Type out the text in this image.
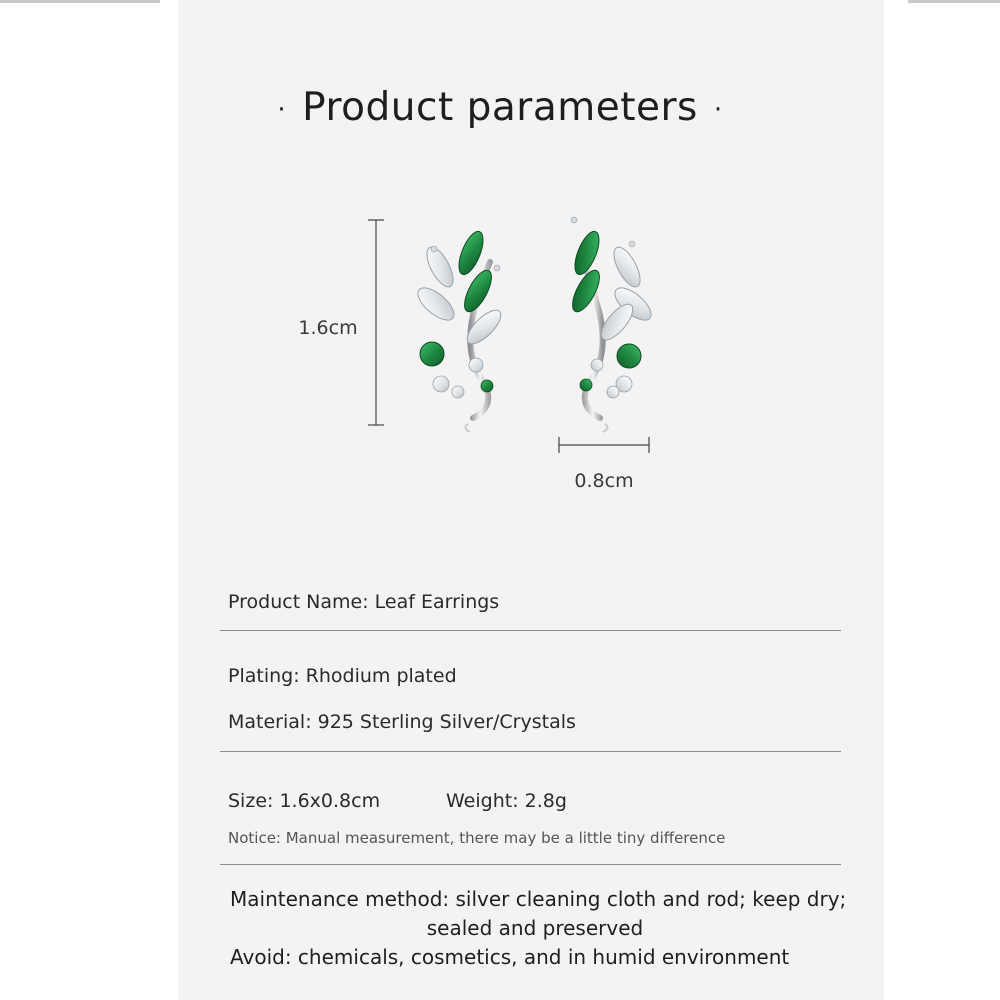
· Product parameters ·
1.6cm
0.8cm
Product Name: Leaf Earrings
Plating: Rhodium plated
Material: 925 Sterling Silver/Crystals
Size: 1.6x0.8cm	Weight: 2.8g
Notice: Manual measurement, there may be a little tiny difference
Maintenance method: silver cleaning cloth and rod; keep dry;
sealed and preserved
Avoid: chemicals, cosmetics, and in humid environment
